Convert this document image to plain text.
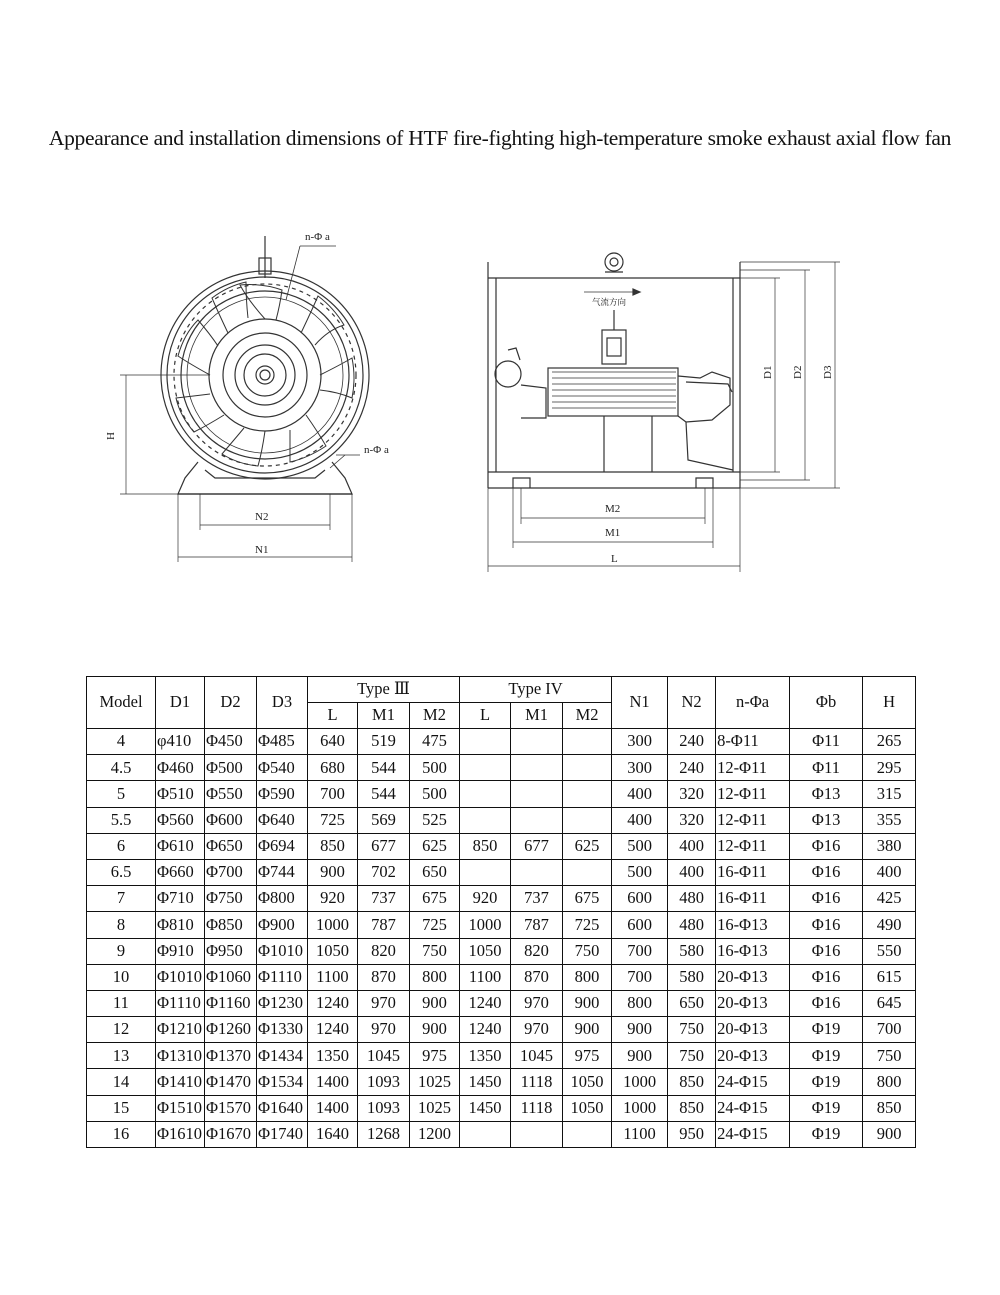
Appearance and installation dimensions of HTF fire-fighting high-temperature smoke exhaust axial flow fan
n-Φ a
n-Φ a
H
N2
N1
气流方向
D1 D2 D3
M2
M1
L
Model	D1	D2	D3	Type Ⅲ			Type IV			N1	N2	n-Φa	Φb	H
				L	M1	M2	L	M1	M2					
4	φ410	Φ450	Φ485	640	519	475				300	240	8-Φ11	Φ11	265
4.5	Φ460	Φ500	Φ540	680	544	500				300	240	12-Φ11	Φ11	295
5	Φ510	Φ550	Φ590	700	544	500				400	320	12-Φ11	Φ13	315
5.5	Φ560	Φ600	Φ640	725	569	525				400	320	12-Φ11	Φ13	355
6	Φ610	Φ650	Φ694	850	677	625	850	677	625	500	400	12-Φ11	Φ16	380
6.5	Φ660	Φ700	Φ744	900	702	650				500	400	16-Φ11	Φ16	400
7	Φ710	Φ750	Φ800	920	737	675	920	737	675	600	480	16-Φ11	Φ16	425
8	Φ810	Φ850	Φ900	1000	787	725	1000	787	725	600	480	16-Φ13	Φ16	490
9	Φ910	Φ950	Φ1010	1050	820	750	1050	820	750	700	580	16-Φ13	Φ16	550
10	Φ1010	Φ1060	Φ1110	1100	870	800	1100	870	800	700	580	20-Φ13	Φ16	615
11	Φ1110	Φ1160	Φ1230	1240	970	900	1240	970	900	800	650	20-Φ13	Φ16	645
12	Φ1210	Φ1260	Φ1330	1240	970	900	1240	970	900	900	750	20-Φ13	Φ19	700
13	Φ1310	Φ1370	Φ1434	1350	1045	975	1350	1045	975	900	750	20-Φ13	Φ19	750
14	Φ1410	Φ1470	Φ1534	1400	1093	1025	1450	1118	1050	1000	850	24-Φ15	Φ19	800
15	Φ1510	Φ1570	Φ1640	1400	1093	1025	1450	1118	1050	1000	850	24-Φ15	Φ19	850
16	Φ1610	Φ1670	Φ1740	1640	1268	1200				1100	950	24-Φ15	Φ19	900
